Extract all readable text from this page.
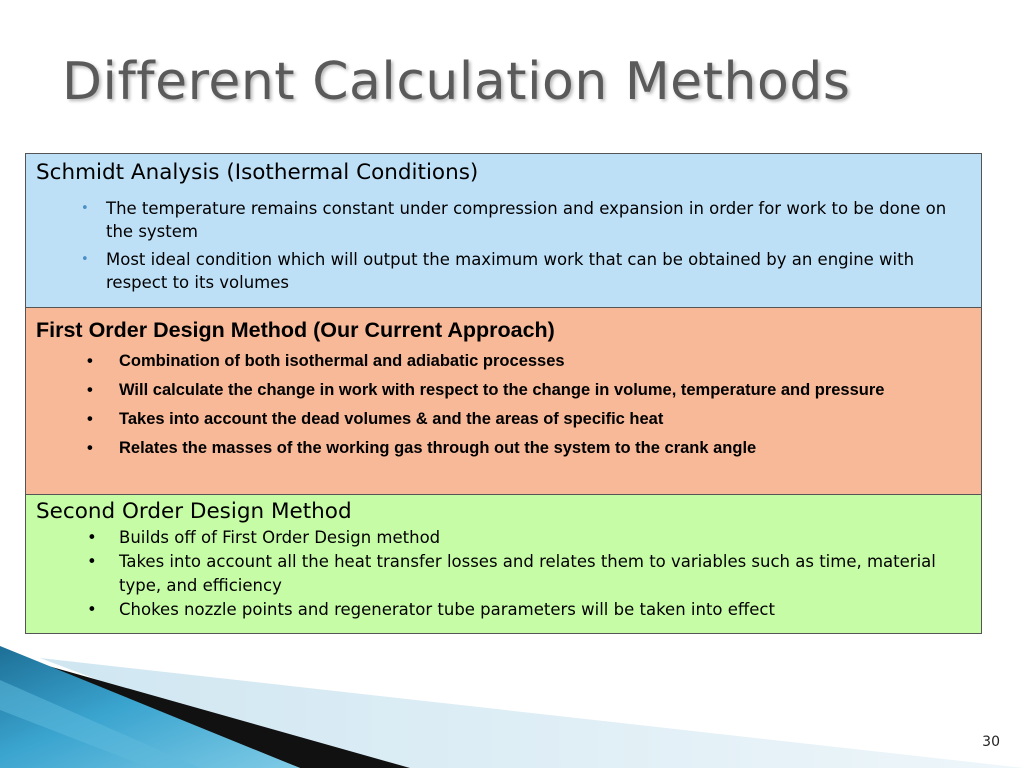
Different Calculation Methods
Schmidt Analysis (Isothermal Conditions)
• The temperature remains constant under compression and expansion in order for work to be done on the system
• Most ideal condition which will output the maximum work that can be obtained by an engine with respect to its volumes
First Order Design Method (Our Current Approach)
• Combination of both isothermal and adiabatic processes
• Will calculate the change in work with respect to the change in volume, temperature and pressure
• Takes into account the dead volumes & and the areas of specific heat
• Relates the masses of the working gas through out the system to the crank angle
Second Order Design Method
• Builds off of First Order Design method
• Takes into account all the heat transfer losses and relates them to variables such as time, material type, and efficiency
• Chokes nozzle points and regenerator tube parameters will be taken into effect
30
